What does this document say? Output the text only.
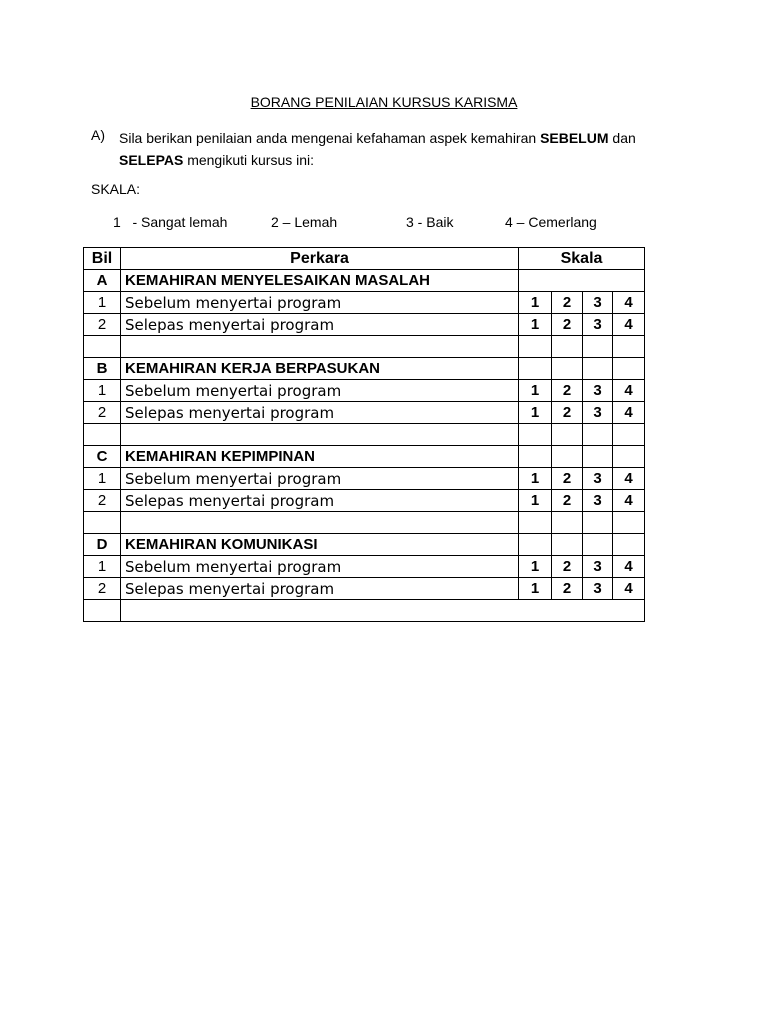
BORANG PENILAIAN KURSUS KARISMA
A) Sila berikan penilaian anda mengenai kefahaman aspek kemahiran SEBELUM dan
SELEPAS mengikuti kursus ini:
SKALA:
1   - Sangat lemah	2 – Lemah	3 - Baik	4 – Cemerlang
Bil	Perkara	Skala			
A	KEMAHIRAN MENYELESAIKAN MASALAH				
1	Sebelum menyertai program	1	2	3	4
2	Selepas menyertai program	1	2	3	4

B	KEMAHIRAN KERJA BERPASUKAN				
1	Sebelum menyertai program	1	2	3	4
2	Selepas menyertai program	1	2	3	4

C	KEMAHIRAN KEPIMPINAN				
1	Sebelum menyertai program	1	2	3	4
2	Selepas menyertai program	1	2	3	4

D	KEMAHIRAN KOMUNIKASI				
1	Sebelum menyertai program	1	2	3	4
2	Selepas menyertai program	1	2	3	4
